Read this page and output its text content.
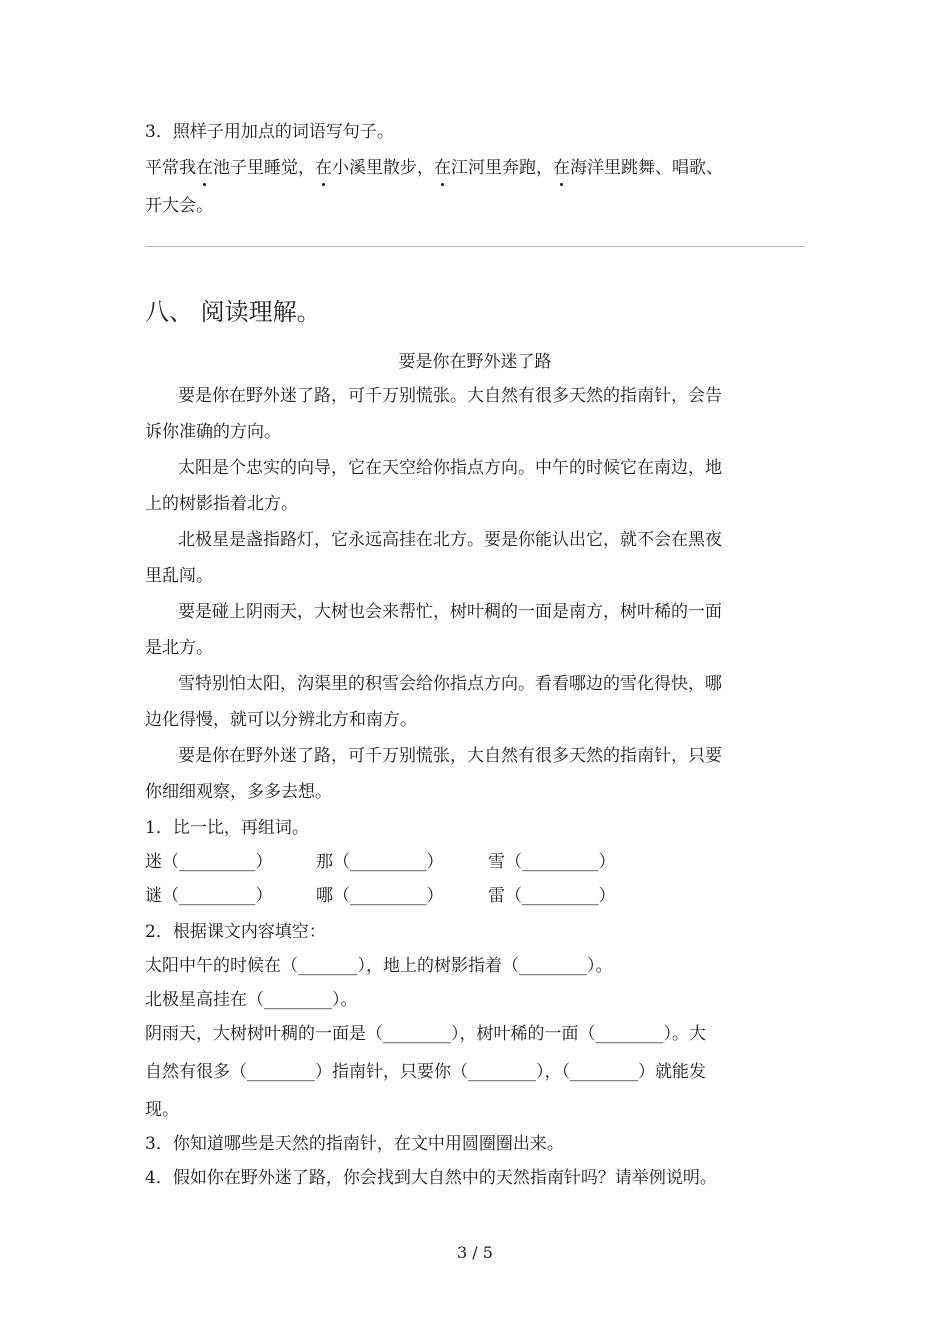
3．照样子用加点的词语写句子。
平常我在池子里睡觉，在小溪里散步，在江河里奔跑，在海洋里跳舞、唱歌、
开大会。
八、 阅读理解。
要是你在野外迷了路
要是你在野外迷了路，可千万别慌张。大自然有很多天然的指南针，会告
诉你准确的方向。
太阳是个忠实的向导，它在天空给你指点方向。中午的时候它在南边，地
上的树影指着北方。
北极星是盏指路灯，它永远高挂在北方。要是你能认出它，就不会在黑夜
里乱闯。
要是碰上阴雨天，大树也会来帮忙，树叶稠的一面是南方，树叶稀的一面
是北方。
雪特别怕太阳，沟渠里的积雪会给你指点方向。看看哪边的雪化得快，哪
边化得慢，就可以分辨北方和南方。
要是你在野外迷了路，可千万别慌张，大自然有很多天然的指南针，只要
你细细观察，多多去想。
1．比一比，再组词。
迷（_________）	那（_________）	雪（_________）
谜（_________）	哪（_________）	雷（_________）
2．根据课文内容填空：
太阳中午的时候在（_______），地上的树影指着（________）。
北极星高挂在（________）。
阴雨天，大树树叶稠的一面是（________），树叶稀的一面（________）。大
自然有很多（________）指南针，只要你（________），（________）就能发
现。
3．你知道哪些是天然的指南针，在文中用圆圈圈出来。
4．假如你在野外迷了路，你会找到大自然中的天然指南针吗？请举例说明。
3 / 5
